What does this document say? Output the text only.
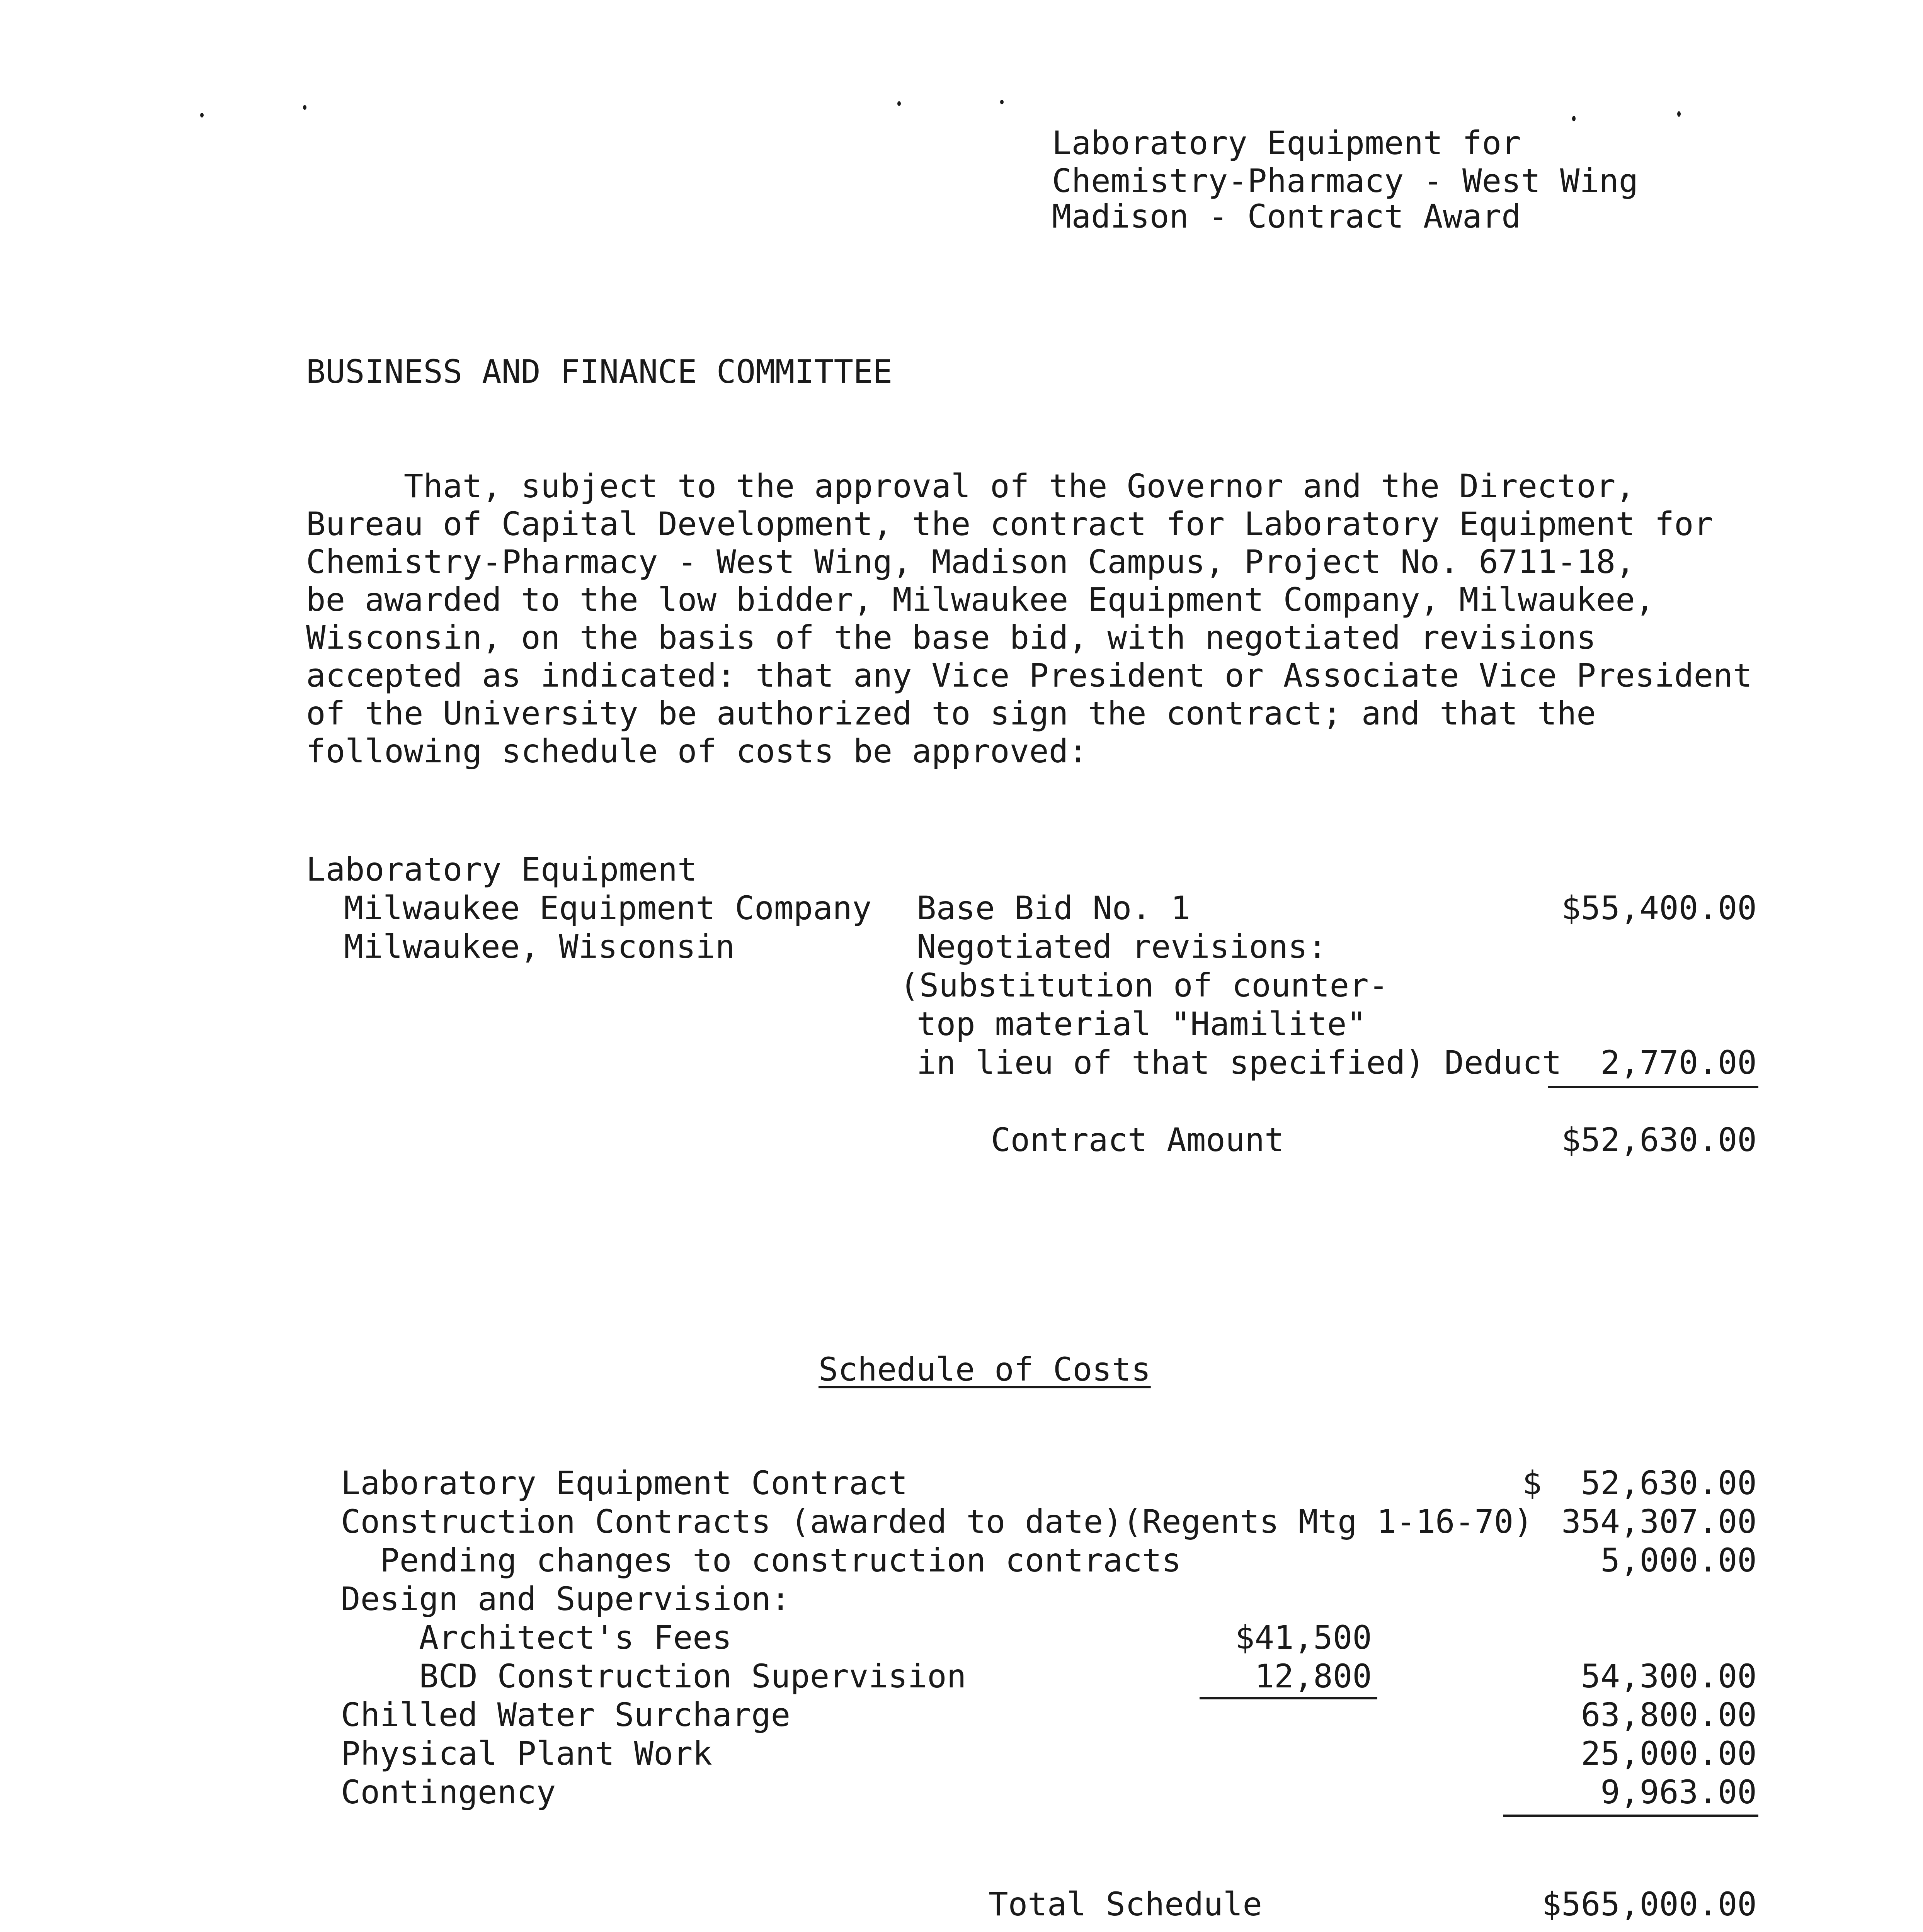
Laboratory Equipment for
Chemistry-Pharmacy - West Wing
Madison - Contract Award
BUSINESS AND FINANCE COMMITTEE
That, subject to the approval of the Governor and the Director,
Bureau of Capital Development, the contract for Laboratory Equipment for
Chemistry-Pharmacy - West Wing, Madison Campus, Project No. 6711-18,
be awarded to the low bidder, Milwaukee Equipment Company, Milwaukee,
Wisconsin, on the basis of the base bid, with negotiated revisions
accepted as indicated: that any Vice President or Associate Vice President
of the University be authorized to sign the contract; and that the
following schedule of costs be approved:
Laboratory Equipment
Milwaukee Equipment Company
Milwaukee, Wisconsin
Base Bid No. 1	$55,400.00
Negotiated revisions:
(Substitution of counter-
top material "Hamilite"
in lieu of that specified) Deduct 2,770.00
Contract Amount	$52,630.00
Schedule of Costs
Laboratory Equipment Contract	$  52,630.00
Construction Contracts (awarded to date)(Regents Mtg 1-16-70) 354,307.00
Pending changes to construction contracts	5,000.00
Design and Supervision:
Architect's Fees	$41,500
BCD Construction Supervision	12,800	54,300.00
Chilled Water Surcharge	63,800.00
Physical Plant Work	25,000.00
Contingency	9,963.00
Total Schedule	$565,000.00
